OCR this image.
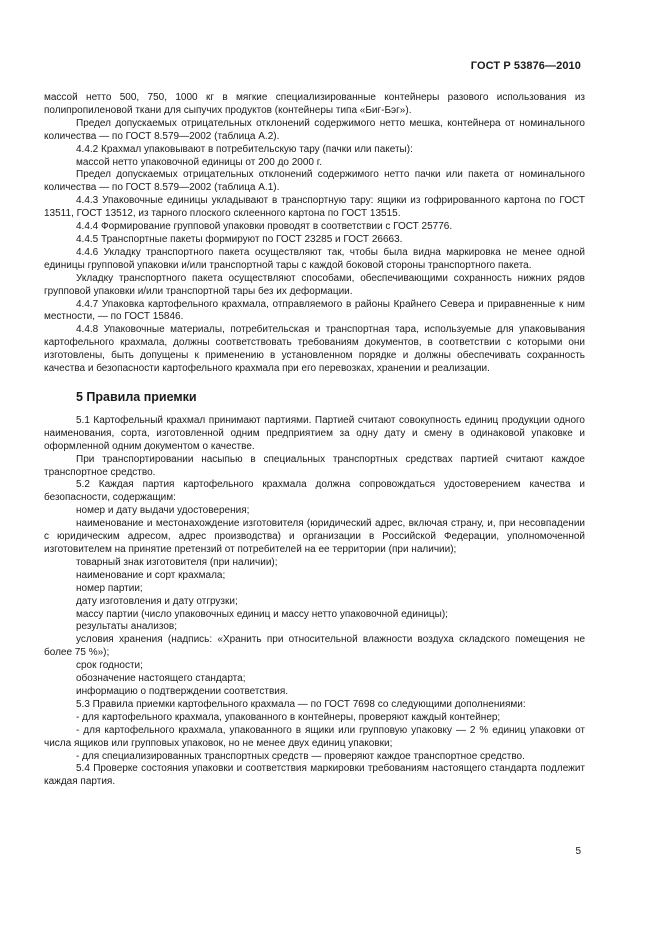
ГОСТ Р 53876—2010

массой нетто 500, 750, 1000 кг в мягкие специализированные контейнеры разового использования из полипропиленовой ткани для сыпучих продуктов (контейнеры типа «Биг-Бэг»).

Предел допускаемых отрицательных отклонений содержимого нетто мешка, контейнера от номинального количества — по ГОСТ 8.579—2002 (таблица А.2).

4.4.2 Крахмал упаковывают в потребительскую тару (пачки или пакеты):

массой нетто упаковочной единицы от 200 до 2000 г.

Предел допускаемых отрицательных отклонений содержимого нетто пачки или пакета от номинального количества — по ГОСТ 8.579—2002 (таблица А.1).

4.4.3 Упаковочные единицы укладывают в транспортную тару: ящики из гофрированного картона по ГОСТ 13511, ГОСТ 13512, из тарного плоского склеенного картона по ГОСТ 13515.

4.4.4 Формирование групповой упаковки проводят в соответствии с ГОСТ 25776.

4.4.5 Транспортные пакеты формируют по ГОСТ 23285 и ГОСТ 26663.

4.4.6 Укладку транспортного пакета осуществляют так, чтобы была видна маркировка не менее одной единицы групповой упаковки и/или транспортной тары с каждой боковой стороны транспортного пакета.

Укладку транспортного пакета осуществляют способами, обеспечивающими сохранность нижних рядов групповой упаковки и/или транспортной тары без их деформации.

4.4.7 Упаковка картофельного крахмала, отправляемого в районы Крайнего Севера и приравненные к ним местности, — по ГОСТ 15846.

4.4.8 Упаковочные материалы, потребительская и транспортная тара, используемые для упаковывания картофельного крахмала, должны соответствовать требованиям документов, в соответствии с которыми они изготовлены, быть допущены к применению в установленном порядке и должны обеспечивать сохранность качества и безопасности картофельного крахмала при его перевозках, хранении и реализации.

5 Правила приемки

5.1 Картофельный крахмал принимают партиями. Партией считают совокупность единиц продукции одного наименования, сорта, изготовленной одним предприятием за одну дату и смену в одинаковой упаковке и оформленной одним документом о качестве.

При транспортировании насыпью в специальных транспортных средствах партией считают каждое транспортное средство.

5.2 Каждая партия картофельного крахмала должна сопровождаться удостоверением качества и безопасности, содержащим:

номер и дату выдачи удостоверения;

наименование и местонахождение изготовителя (юридический адрес, включая страну, и, при несовпадении с юридическим адресом, адрес производства) и организации в Российской Федерации, уполномоченной изготовителем на принятие претензий от потребителей на ее территории (при наличии);

товарный знак изготовителя (при наличии);

наименование и сорт крахмала;

номер партии;

дату изготовления и дату отгрузки;

массу партии (число упаковочных единиц и массу нетто упаковочной единицы);

результаты анализов;

условия хранения (надпись: «Хранить при относительной влажности воздуха складского помещения не более 75 %»);

срок годности;

обозначение настоящего стандарта;

информацию о подтверждении соответствия.

5.3 Правила приемки картофельного крахмала — по ГОСТ 7698 со следующими дополнениями:

- для картофельного крахмала, упакованного в контейнеры, проверяют каждый контейнер;

- для картофельного крахмала, упакованного в ящики или групповую упаковку — 2 % единиц упаковки от числа ящиков или групповых упаковок, но не менее двух единиц упаковки;

- для специализированных транспортных средств — проверяют каждое транспортное средство.

5.4 Проверке состояния упаковки и соответствия маркировки требованиям настоящего стандарта подлежит каждая партия.

5
